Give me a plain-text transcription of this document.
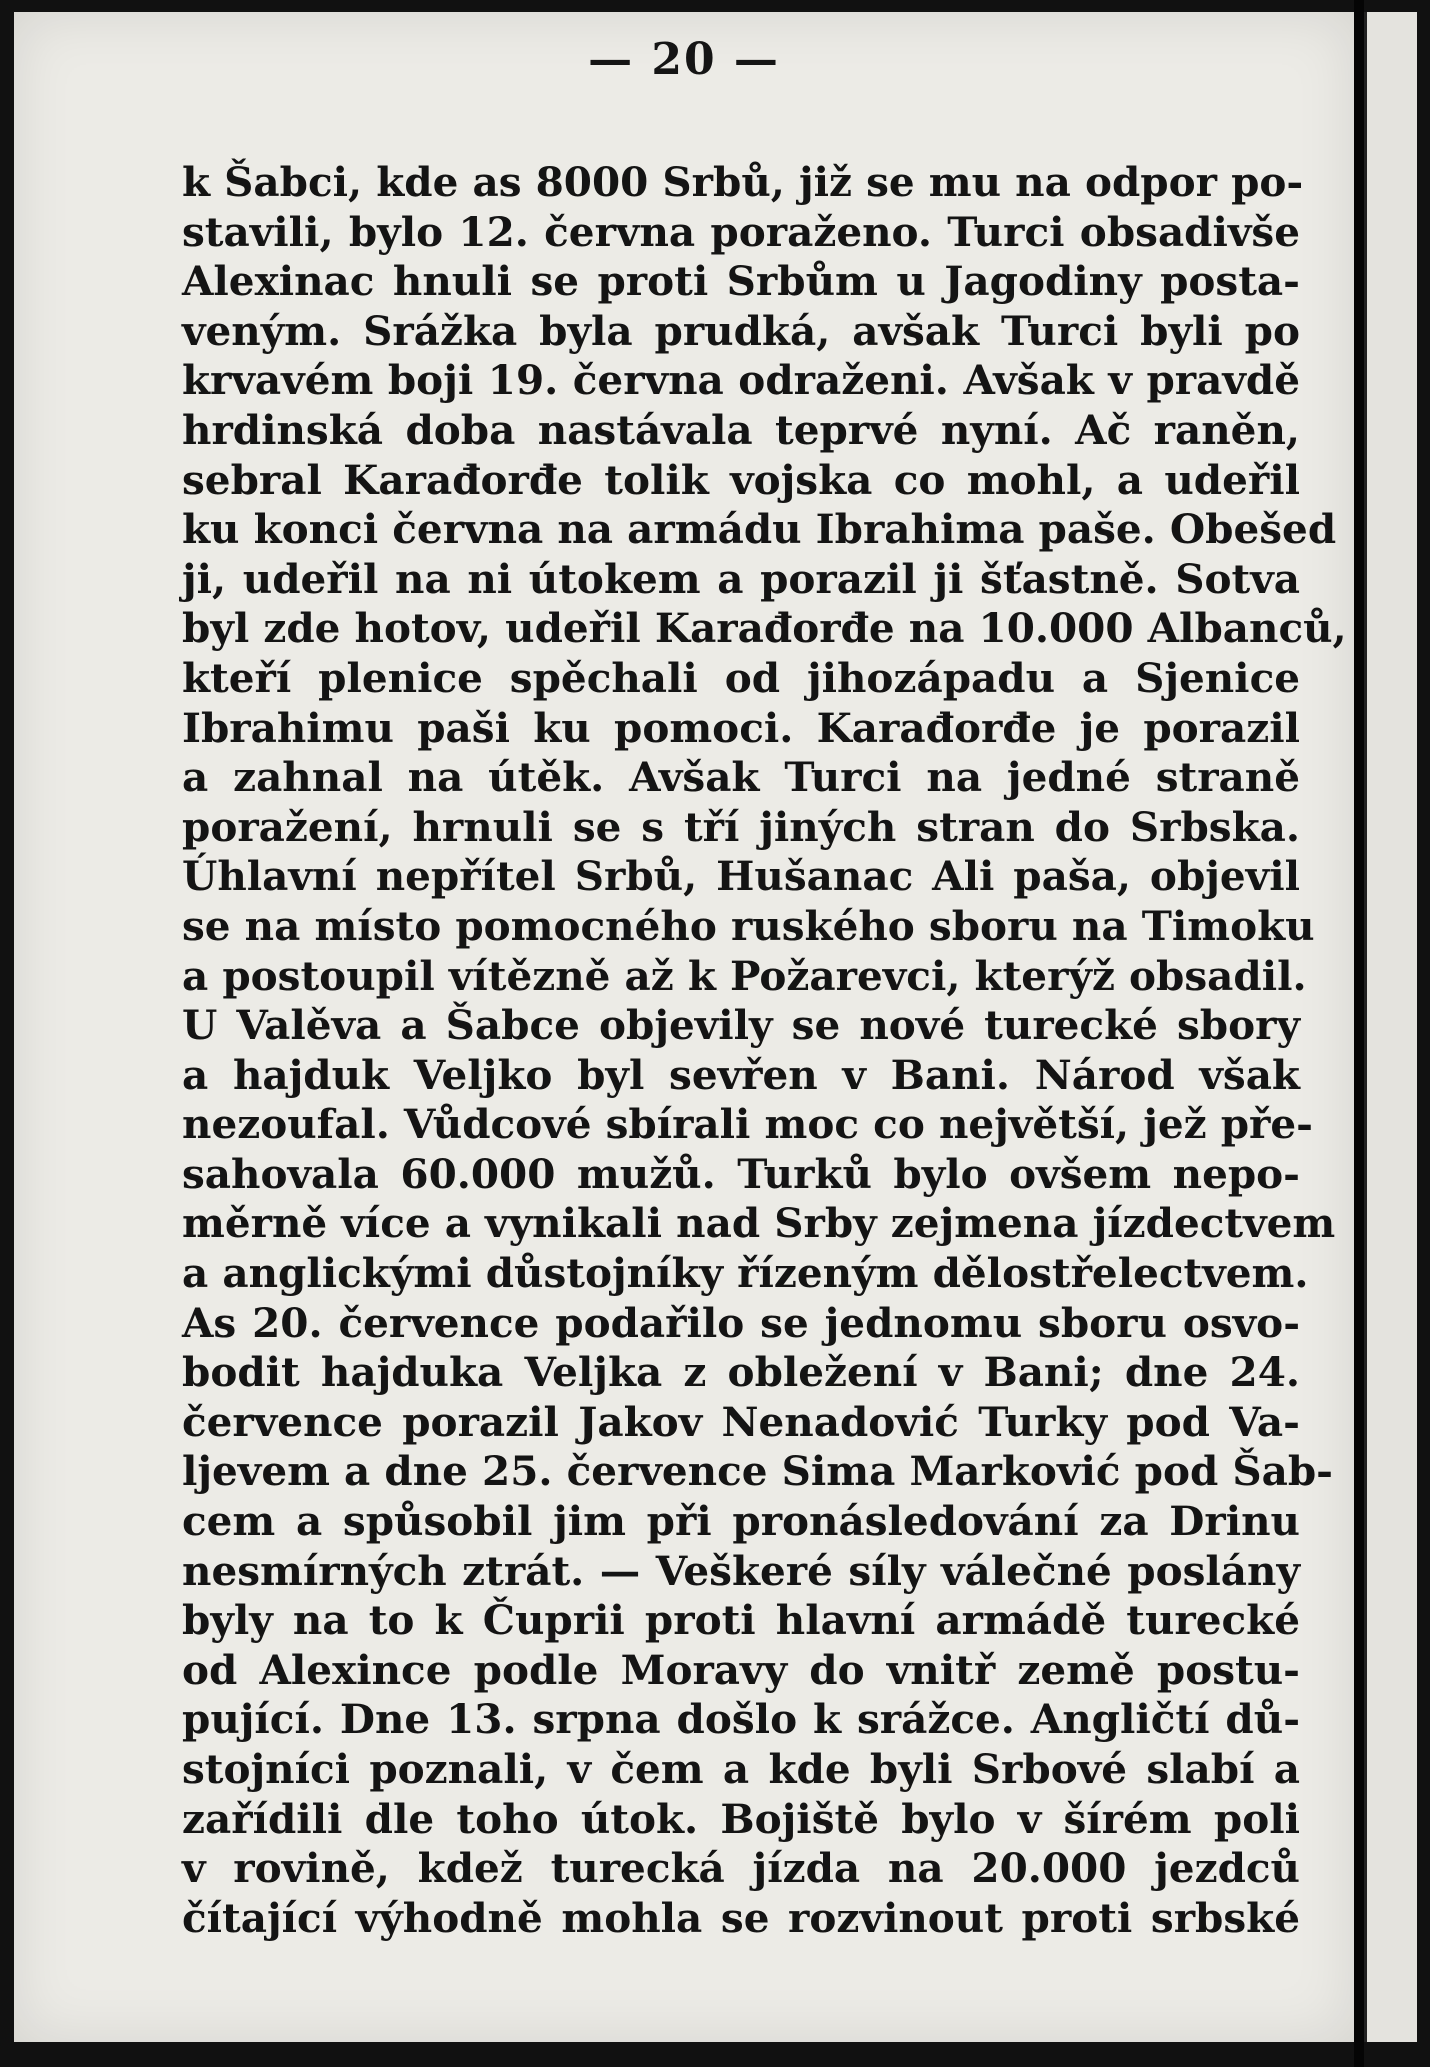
— 20 —
k Šabci, kde as 8000 Srbů, již se mu na odpor po-
stavili, bylo 12. června poraženo. Turci obsadivše
Alexinac hnuli se proti Srbům u Jagodiny posta-
veným. Srážka byla prudká, avšak Turci byli po
krvavém boji 19. června odraženi. Avšak v pravdě
hrdinská doba nastávala teprvé nyní. Ač raněn,
sebral Karađorđe tolik vojska co mohl, a udeřil
ku konci června na armádu Ibrahima paše. Obešed
ji, udeřil na ni útokem a porazil ji šťastně. Sotva
byl zde hotov, udeřil Karađorđe na 10.000 Albanců,
kteří plenice spěchali od jihozápadu a Sjenice
Ibrahimu paši ku pomoci. Karađorđe je porazil
a zahnal na útěk. Avšak Turci na jedné straně
poražení, hrnuli se s tří jiných stran do Srbska.
Úhlavní nepřítel Srbů, Hušanac Ali paša, objevil
se na místo pomocného ruského sboru na Timoku
a postoupil vítězně až k Požarevci, kterýž obsadil.
U Valěva a Šabce objevily se nové turecké sbory
a hajduk Veljko byl sevřen v Bani. Národ však
nezoufal. Vůdcové sbírali moc co největší, jež pře-
sahovala 60.000 mužů. Turků bylo ovšem nepo-
měrně více a vynikali nad Srby zejmena jízdectvem
a anglickými důstojníky řízeným dělostřelectvem.
As 20. července podařilo se jednomu sboru osvo-
bodit hajduka Veljka z obležení v Bani; dne 24.
července porazil Jakov Nenadović Turky pod Va-
ljevem a dne 25. července Sima Marković pod Šab-
cem a spůsobil jim při pronásledování za Drinu
nesmírných ztrát. — Veškeré síly válečné poslány
byly na to k Čuprii proti hlavní armádě turecké
od Alexince podle Moravy do vnitř země postu-
pující. Dne 13. srpna došlo k srážce. Angličtí dů-
stojníci poznali, v čem a kde byli Srbové slabí a
zařídili dle toho útok. Bojiště bylo v šírém poli
v rovině, kdež turecká jízda na 20.000 jezdců
čítající výhodně mohla se rozvinout proti srbské
